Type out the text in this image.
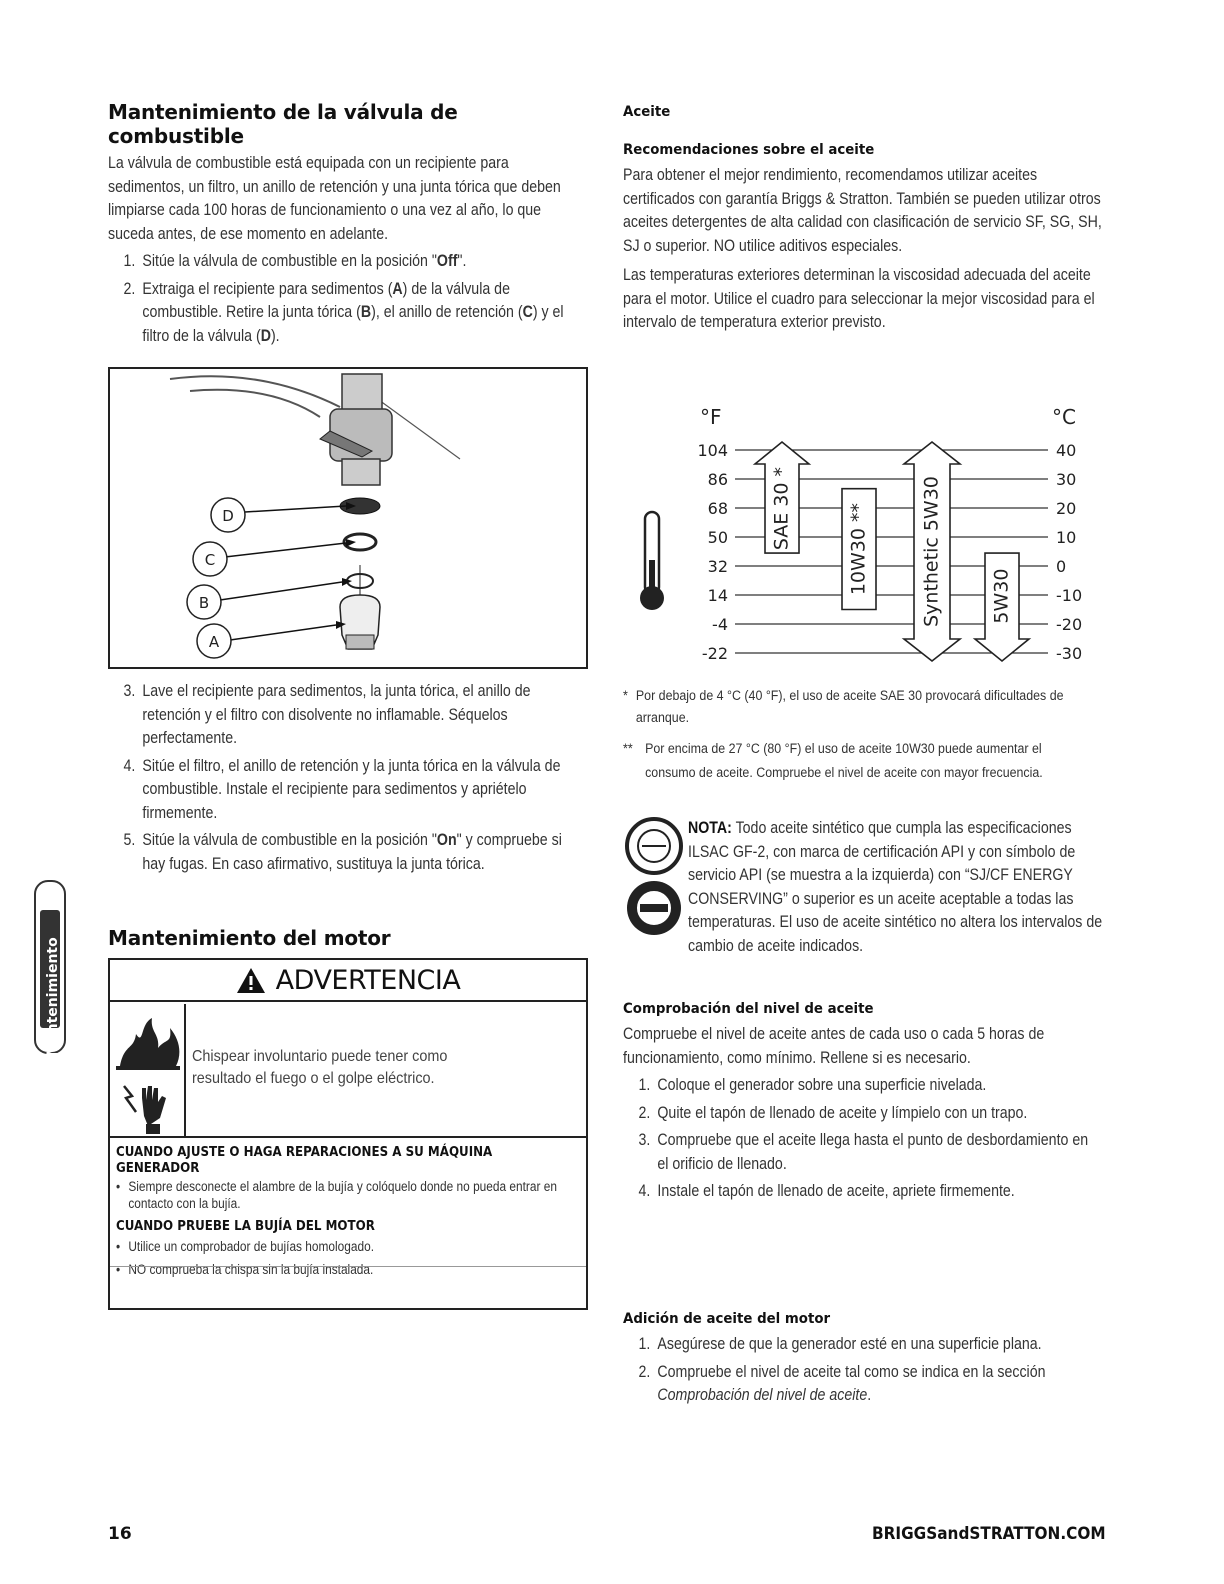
Mantenimiento de la válvula de combustible

La válvula de combustible está equipada con un recipiente para sedimentos, un filtro, un anillo de retención y una junta tórica que deben limpiarse cada 100 horas de funcionamiento o una vez al año, lo que suceda antes, de ese momento en adelante.

1. Sitúe la válvula de combustible en la posición "Off".
2. Extraiga el recipiente para sedimentos (A) de la válvula de combustible. Retire la junta tórica (B), el anillo de retención (C) y el filtro de la válvula (D).
D
C
B
A
3. Lave el recipiente para sedimentos, la junta tórica, el anillo de retención y el filtro con disolvente no inflamable. Séquelos perfectamente.
4. Sitúe el filtro, el anillo de retención y la junta tórica en la válvula de combustible. Instale el recipiente para sedimentos y apriételo firmemente.
5. Sitúe la válvula de combustible en la posición "On" y compruebe si hay fugas. En caso afirmativo, sustituya la junta tórica.
Mantenimiento del motor
ADVERTENCIA
Chispear involuntario puede tener como resultado el fuego o el golpe eléctrico.
CUANDO AJUSTE O HAGA REPARACIONES A SU MÁQUINA GENERADOR
• Siempre desconecte el alambre de la bujía y colóquelo donde no pueda entrar en contacto con la bujía.
CUANDO PRUEBE LA BUJÍA DEL MOTOR
• Utilice un comprobador de bujías homologado.
• NO comprueba la chispa sin la bujía instalada.
Mantenimiento
Aceite
Recomendaciones sobre el aceite

Para obtener el mejor rendimiento, recomendamos utilizar aceites certificados con garantía Briggs & Stratton. También se pueden utilizar otros aceites detergentes de alta calidad con clasificación de servicio SF, SG, SH, SJ o superior. NO utilice aditivos especiales.

Las temperaturas exteriores determinan la viscosidad adecuada del aceite para el motor. Utilice el cuadro para seleccionar la mejor viscosidad para el intervalo de temperatura exterior previsto.

°F	°C
104	40
86	30
68	20
50	10
32	0
14	-10
-4	-20
-22	-30
SAE 30 *	10W30 **	Synthetic 5W30	5W30
* Por debajo de 4 °C (40 °F), el uso de aceite SAE 30 provocará dificultades de arranque.
** Por encima de 27 °C (80 °F) el uso de aceite 10W30 puede aumentar el consumo de aceite. Compruebe el nivel de aceite con mayor frecuencia.
NOTA: Todo aceite sintético que cumpla las especificaciones ILSAC GF-2, con marca de certificación API y con símbolo de servicio API (se muestra a la izquierda) con “SJ/CF ENERGY CONSERVING” o superior es un aceite aceptable a todas las temperaturas. El uso de aceite sintético no altera los intervalos de cambio de aceite indicados.
Comprobación del nivel de aceite

Compruebe el nivel de aceite antes de cada uso o cada 5 horas de funcionamiento, como mínimo. Rellene si es necesario.

1. Coloque el generador sobre una superficie nivelada.
2. Quite el tapón de llenado de aceite y límpielo con un trapo.
3. Compruebe que el aceite llega hasta el punto de desbordamiento en el orificio de llenado.
4. Instale el tapón de llenado de aceite, apriete firmemente.
Adición de aceite del motor
1. Asegúrese de que la generador esté en una superficie plana.
2. Compruebe el nivel de aceite tal como se indica en la sección Comprobación del nivel de aceite.
16	BRIGGSandSTRATTON.COM
